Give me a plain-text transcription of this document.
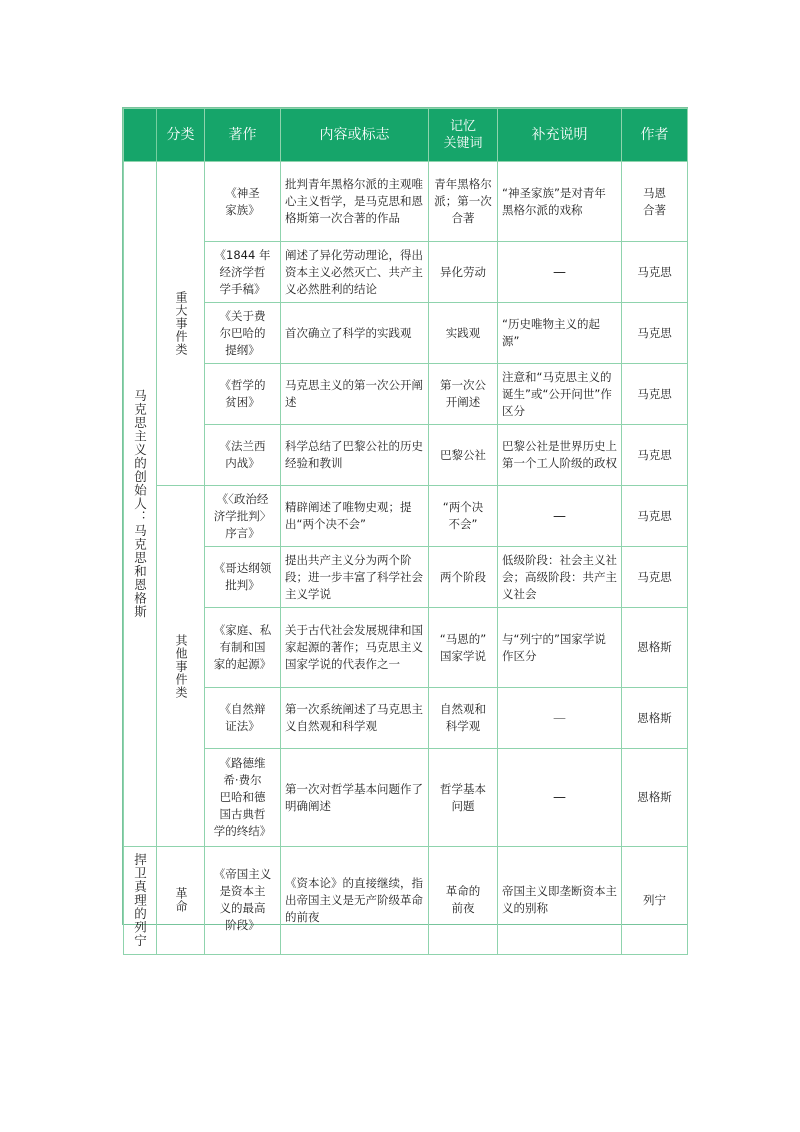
	分类	著作	内容或标志	记忆
关键词	补充说明	作者
马克思主义的创始人：马克思和恩格斯	重大事件类	《神圣
家族》	批判青年黑格尔派的主观唯心主义哲学，是马克思和恩格斯第一次合著的作品	青年黑格尔派；第一次合著	“神圣家族”是对青年黑格尔派的戏称	马恩
合著
		《1844 年
经济学哲
学手稿》	阐述了异化劳动理论，得出资本主义必然灭亡、共产主义必然胜利的结论	异化劳动	—	马克思
		《关于费
尔巴哈的
提纲》	首次确立了科学的实践观	实践观	“历史唯物主义的起源”	马克思
		《哲学的
贫困》	马克思主义的第一次公开阐述	第一次公
开阐述	注意和“马克思主义的诞生”或“公开问世”作区分	马克思
		《法兰西
内战》	科学总结了巴黎公社的历史经验和教训	巴黎公社	巴黎公社是世界历史上第一个工人阶级的政权	马克思
	其他事件类	《〈政治经
济学批判〉
序言》	精辟阐述了唯物史观；提出“两个决不会”	“两个决
不会”	—	马克思
		《哥达纲领
批判》	提出共产主义分为两个阶段；进一步丰富了科学社会主义学说	两个阶段	低级阶段：社会主义社会；高级阶段：共产主义社会	马克思
		《家庭、私
有制和国
家的起源》	关于古代社会发展规律和国家起源的著作；马克思主义国家学说的代表作之一	“马恩的”
国家学说	与“列宁的”国家学说作区分	恩格斯
		《自然辩
证法》	第一次系统阐述了马克思主义自然观和科学观	自然观和
科学观	—	恩格斯
		《路德维
希·费尔
巴哈和德
国古典哲
学的终结》	第一次对哲学基本问题作了明确阐述	哲学基本
问题	—	恩格斯
捍卫真理的列宁	革命	《帝国主义
是资本主
义的最高
阶段》	《资本论》的直接继续，指出帝国主义是无产阶级革命的前夜	革命的
前夜	帝国主义即垄断资本主义的别称	列宁
